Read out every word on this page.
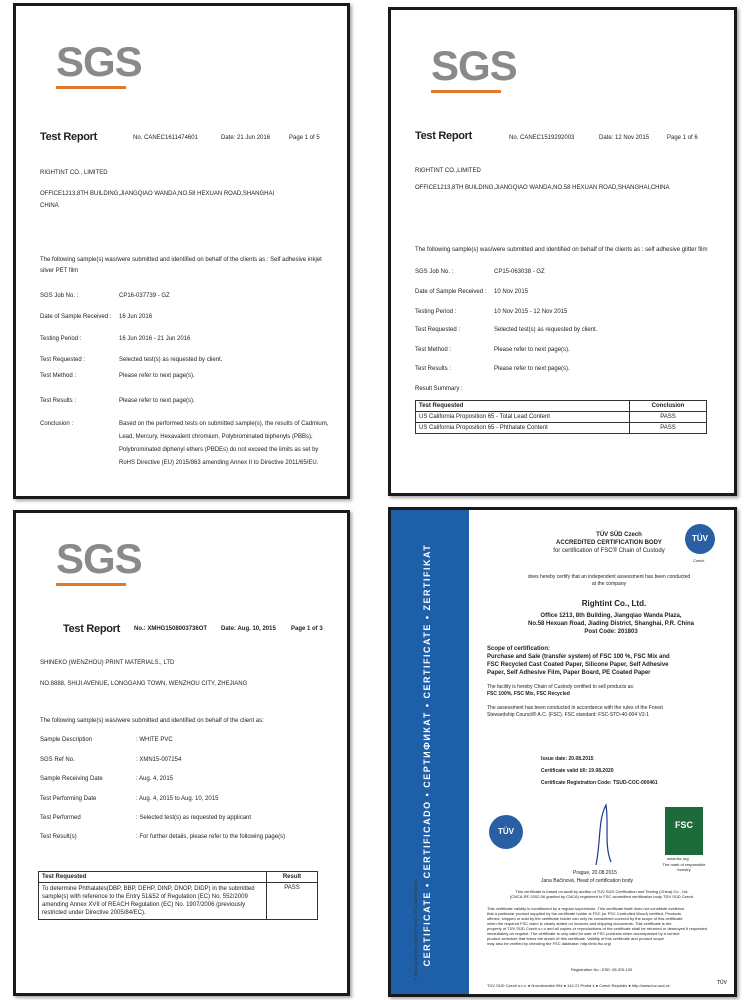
SGS
Test Report	No. CANEC1611474601	Date: 21 Jun 2016	Page 1 of 5
RIGHTINT CO., LIMITED
OFFICE1213,8TH BUILDING,JIANGQIAO WANDA,NO.58 HEXUAN ROAD,SHANGHAI
CHINA
The following sample(s) was/were submitted and identified on behalf of the clients as : Self adhesive inkjet
silver PET film
SGS Job No. :	CP16-037739 - GZ
Date of Sample Received : 16 Jun 2016
Testing Period :	16 Jun 2016 - 21 Jun 2016
Test Requested :	Selected test(s) as requested by client.
Test Method :	Please refer to next page(s).
Test Results :	Please refer to next page(s).
Conclusion :	Based on the performed tests on submitted sample(s), the results of Cadmium,
Lead, Mercury, Hexavalent chromium, Polybrominated biphenyls (PBBs),
Polybrominated diphenyl ethers (PBDEs) do not exceed the limits as set by
RoHS Directive (EU) 2015/863 amending Annex II to Directive 2011/65/EU.
SGS
Test Report	No. CANEC1519292003	Date: 12 Nov 2015	Page 1 of 6
RIGHTINT CO.,LIMITED
OFFICE1213,8TH BUILDING,JIANGQIAO WANDA,NO.58 HEXUAN ROAD,SHANGHAI,CHINA
The following sample(s) was/were submitted and identified on behalf of the clients as : self adhesive glitter film
SGS Job No. :	CP15-063038 - GZ
Date of Sample Received : 10 Nov 2015
Testing Period :	10 Nov 2015 - 12 Nov 2015
Test Requested :	Selected test(s) as requested by client.
Test Method :	Please refer to next page(s).
Test Results :	Please refer to next page(s).
Result Summary :
Test Requested	Conclusion
US California Proposition 65 - Total Lead Content	PASS
US California Proposition 65 - Phthalate Content	PASS
SGS
Test Report No.: XMHG1508003736OT Date: Aug. 10, 2015	Page 1 of 3
SHINEKO (WENZHOU) PRINT MATERIALS., LTD
NO.8888, SHIJI AVENUE, LONGGANG TOWN, WENZHOU CITY, ZHEJIANG
The following sample(s) was/were submitted and identified on behalf of the client as:
Sample Description	: WHITE PVC
SGS Ref No.	: XMN15-007254
Sample Receiving Date	: Aug. 4, 2015
Test Performing Date	: Aug. 4, 2015 to Aug. 10, 2015
Test Performed	: Selected test(s) as requested by applicant
Test Result(s)	: For further details, please refer to the following page(s)
Test Requested	Result
To determine Phthalates(DBP, BBP, DEHP, DINP, DNOP, DIDP) in the submitted sample(s) with reference to the Entry 51&52 of Regulation (EC) No. 552/2009 amending Annex XVII of REACH Regulation (EC) No. 1907/2006 (previously restricted under Directive 2005/84/EC).	PASS	CERTIFICATE • CERTIFICADO • СЕРТИФИКАТ • CERTIFICATE • ZERTIFIKAT
F-SEI-010-CHN/EN-2015 (FIS-EN)-1 FSC 15406n/2015
TÜV SÜD Czech
ACCREDITED CERTIFICATION BODY
for certification of FSC® Chain of Custody
TÜV
Czech
does hereby certify that an independent assessment has been conducted
at the company
Rightint Co., Ltd.
Office 1213, 8th Building, Jiangqiao Wanda Plaza,
No.58 Hexuan Road, Jiading District, Shanghai, P.R. China
Post Code: 201803
Scope of certification:
Purchase and Sale (transfer system) of FSC 100 %, FSC Mix and
FSC Recycled Cast Coated Paper, Silicone Paper, Self Adhesive
Paper, Self Adhesive Film, Paper Board, PE Coated Paper
The facility is hereby Chain of Custody certified to sell products as:
FSC 100%, FSC Mix, FSC Recycled
The assessment has been conducted in accordance with the rules of the Forest
Stewardship Council® A.C. (FSC). FSC standard: FSC-STD-40-004 V2-1
Issue date: 20.08.2015
Certificate valid till: 19.08.2020
Certificate Registration Code: TSUD-COC-000461
TÜV
FSC
www.fsc.org
The mark of responsible forestry
Prague, 20.08.2015
Jana Bačinová, Head of certification body
This certificate is based on audit by auditor of TÜV SÜD Certification and Testing (China) Co., Ltd.
(CNCA-RF-2002-06 granted by CNCA) registered to FSC accredited certification body TÜV SÜD Czech.
This certificate validity is conditioned by a regular supervision. This certificate itself does not constitute evidence
that a particular product supplied by the certificate holder is FSC (or FSC Controlled Wood) certified. Products
offered, shipped or sold by the certificate holder can only be considered covered by the scope of this certificate
when the required FSC claim is clearly stated on invoices and shipping documents. This certificate is the
property of TÜV SÜD Czech s.r.o and all copies or reproductions of the certificate shall be returned or destroyed if requested
immediately on request. The certificate is only valid for sale of FSC products when accompanied by a current
product schedule that forms the annex of this certificate. Validity of this certificate and product scope
may also be verified by checking the FSC database: http://info.fsc.org/
Registration No.: ESE: 08.376.193
TÜV SÜD Czech s.r.o. ● Novodvorská 994 ● 142 21 Praha 4 ● Czech Republic ● http://www.tuv-sud.cz	TÜV
